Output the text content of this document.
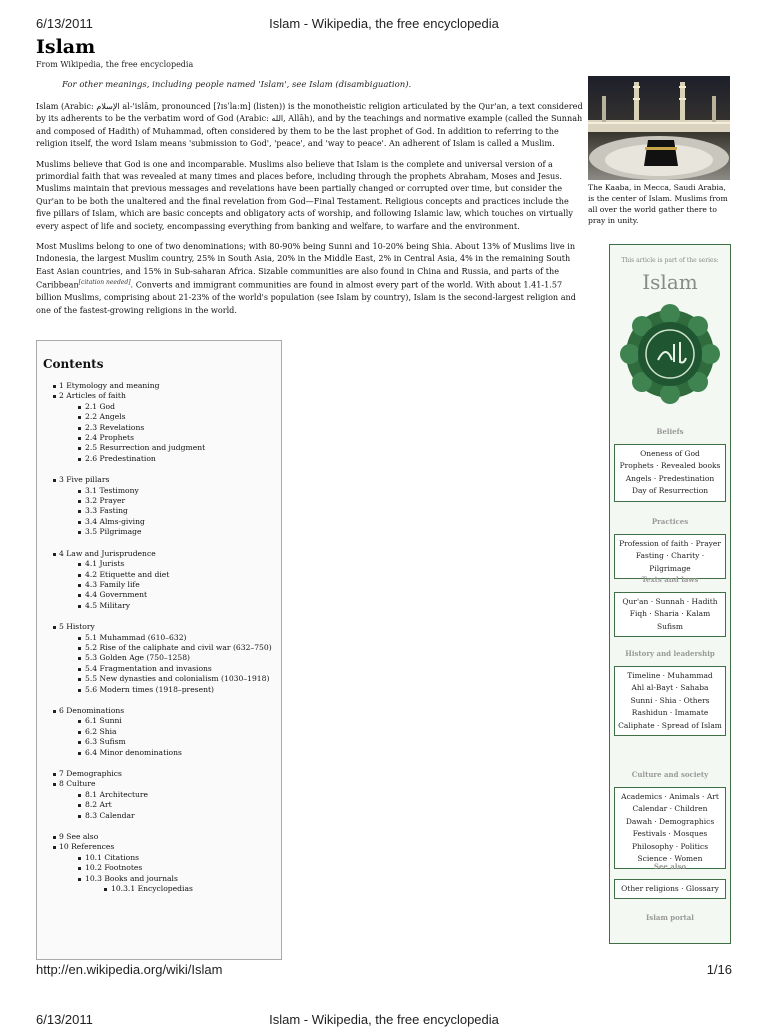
6/13/2011	Islam - Wikipedia, the free encyclopedia
Islam
From Wikipedia, the free encyclopedia
For other meanings, including people named 'Islam', see Islam (disambiguation).

Islam (Arabic: الإسلام al-'islām, pronounced [ʔɪsˈlaːm] (listen)) is the monotheistic religion articulated by the Qur'an, a text considered by its adherents to be the verbatim word of God (Arabic: الله, Allāh), and by the teachings and normative example (called the Sunnah and composed of Hadith) of Muhammad, often considered by them to be the last prophet of God. In addition to referring to the religion itself, the word Islam means 'submission to God', 'peace', and 'way to peace'. An adherent of Islam is called a Muslim.

Muslims believe that God is one and incomparable. Muslims also believe that Islam is the complete and universal version of a primordial faith that was revealed at many times and places before, including through the prophets Abraham, Moses and Jesus. Muslims maintain that previous messages and revelations have been partially changed or corrupted over time, but consider the Qur'an to be both the unaltered and the final revelation from God—Final Testament. Religious concepts and practices include the five pillars of Islam, which are basic concepts and obligatory acts of worship, and following Islamic law, which touches on virtually every aspect of life and society, encompassing everything from banking and welfare, to warfare and the environment.

Most Muslims belong to one of two denominations; with 80-90% being Sunni and 10-20% being Shia. About 13% of Muslims live in Indonesia, the largest Muslim country, 25% in South Asia, 20% in the Middle East, 2% in Central Asia, 4% in the remaining South East Asian countries, and 15% in Sub-saharan Africa. Sizable communities are also found in China and Russia, and parts of the Caribbean[citation needed]. Converts and immigrant communities are found in almost every part of the world. With about 1.41-1.57 billion Muslims, comprising about 21-23% of the world's population (see Islam by country), Islam is the second-largest religion and one of the fastest-growing religions in the world.

The Kaaba, in Mecca, Saudi Arabia, is the center of Islam. Muslims from all over the world gather there to pray in unity.
Contents
1 Etymology and meaning
2 Articles of faith
2.1 God
2.2 Angels
2.3 Revelations
2.4 Prophets
2.5 Resurrection and judgment
2.6 Predestination
3 Five pillars
3.1 Testimony
3.2 Prayer
3.3 Fasting
3.4 Alms-giving
3.5 Pilgrimage
4 Law and Jurisprudence
4.1 Jurists
4.2 Etiquette and diet
4.3 Family life
4.4 Government
4.5 Military
5 History
5.1 Muhammad (610–632)
5.2 Rise of the caliphate and civil war (632–750)
5.3 Golden Age (750–1258)
5.4 Fragmentation and invasions
5.5 New dynasties and colonialism (1030–1918)
5.6 Modern times (1918–present)
6 Denominations
6.1 Sunni
6.2 Shia
6.3 Sufism
6.4 Minor denominations
7 Demographics
8 Culture
8.1 Architecture
8.2 Art
8.3 Calendar
9 See also
10 References
10.1 Citations
10.2 Footnotes
10.3 Books and journals
10.3.1 Encyclopedias
This article is part of the series:
Islam
Beliefs
Oneness of God
Prophets · Revealed books
Angels · Predestination
Day of Resurrection
Practices
Profession of faith · Prayer
Fasting · Charity · Pilgrimage
Texts and laws
Qur'an · Sunnah · Hadith
Fiqh · Sharia · Kalam
Sufism
History and leadership
Timeline · Muhammad
Ahl al-Bayt · Sahaba
Sunni · Shia · Others
Rashidun · Imamate
Caliphate · Spread of Islam
Culture and society
Academics · Animals · Art
Calendar · Children
Dawah · Demographics
Festivals · Mosques
Philosophy · Politics
Science · Women
See also
Other religions · Glossary
Islam portal
http://en.wikipedia.org/wiki/Islam	1/16
6/13/2011	Islam - Wikipedia, the free encyclopedia
